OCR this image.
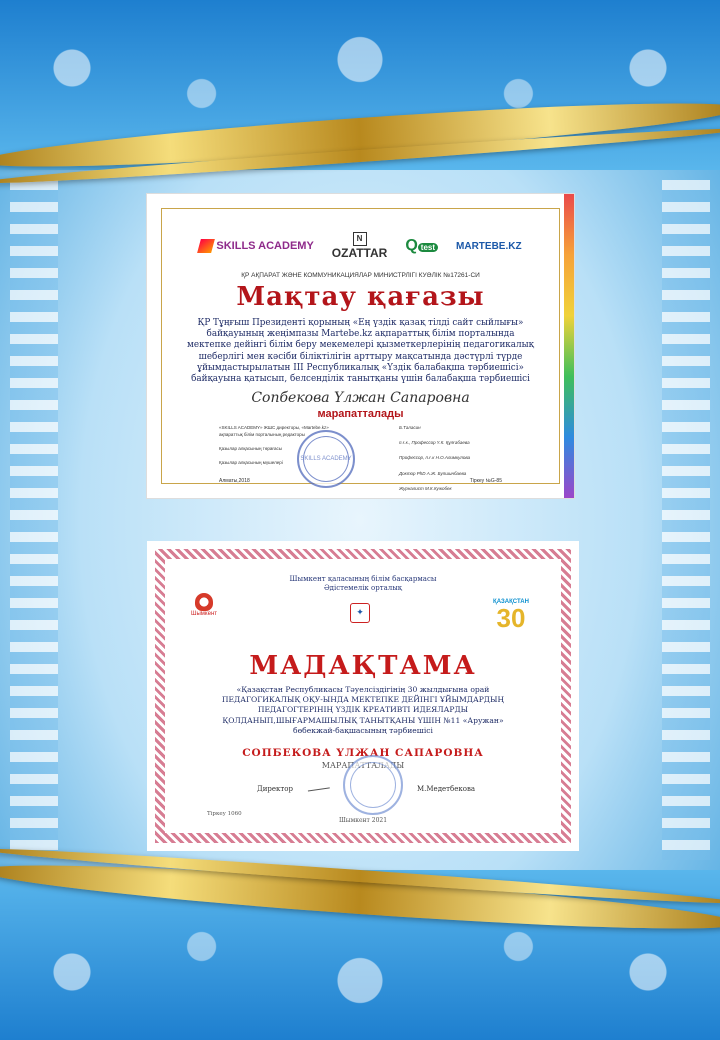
SKILLS ACADEMY
N
OZATTAR Qtest	MARTEBE.KZ
ҚР АҚПАРАТ ЖӘНЕ КОММУНИКАЦИЯЛАР МИНИСТРЛІГІ КУӘЛІК №17261-СИ
Мақтау қағазы
ҚР Тұңғыш Президенті қорының «Ең үздік қазақ тілді сайт сыйлығы» байқауының жеңімпазы Martebe.kz ақпараттық білім порталында мектепке дейінгі білім беру мекемелері қызметкерлерінің педагогикалық шеберлігі мен кәсіби біліктілігін арттыру мақсатында дәстүрлі түрде ұйымдастырылатын III Республикалық «Үздік балабақша тәрбиешісі» байқауына қатысып, белсенділік танытқаны үшін балабақша тәрбиешісі
Сопбекова Үлжан Сапаровна
марапатталады
«SKILLS ACADEMY» ЖШС директоры, «Martebe.kz» ақпараттық білім порталының редакторы

Қазылар алқасының төрағасы

Қазылар алқасының мүшелері
SKILLS ACADEMY
Б.Таласин

п.ғ.к., Профессор Ү.К. Құлғабаева

Профессор, п.ғ.к Н.О.Алимкулова

Доктор PhD А.Ж. Бупшинбаева

Журналист М.К.Кужобек
Алматы,2018	Тіркеу №G-85
Шымкент қаласының білім басқармасы
Әдістемелік орталық
Шымкент	✦
ҚАЗАҚСТАН
30
МАДАҚТАМА
«Қазақстан Республикасы Тәуелсіздігінің 30 жылдығына орай ПЕДАГОГИКАЛЫҚ ОҚУ-ЫНДА МЕКТЕПКЕ ДЕЙІНГІ ҰЙЫМДАРДЫҢ ПЕДАГОГТЕРІНІҢ ҮЗДІК КРЕАТИВТІ ИДЕЯЛАРДЫ ҚОЛДАНЫП,ШЫҒАРМАШЫЛЫҚ ТАНЫТҚАНЫ ҮШІН №11 «Аружан» бөбекжай-бақшасының тәрбиешісі
СОПБЕКОВА ҮЛЖАН САПАРОВНА
МАРАПАТТАЛАДЫ
Директор	М.Медетбекова
Тіркеу 1060
Шымкент 2021
